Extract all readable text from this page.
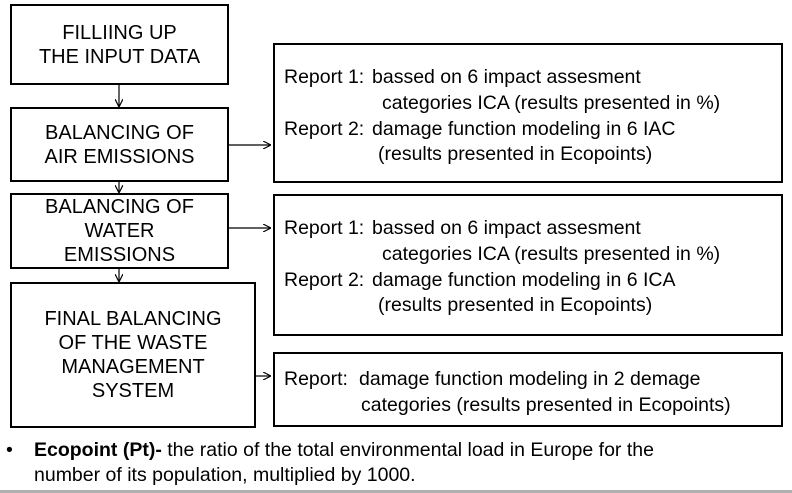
FILLIING UP
THE INPUT DATA
BALANCING OF
AIR EMISSIONS
BALANCING OF
WATER
EMISSIONS
FINAL BALANCING
OF THE WASTE
MANAGEMENT
SYSTEM
Report 1: bassed on 6 impact assesment
categories ICA (results presented in %)
Report 2: damage function modeling in 6 IAC
(results presented in Ecopoints)
Report 1: bassed on 6 impact assesment
categories ICA (results presented in %)
Report 2: damage function modeling in 6 ICA
(results presented in Ecopoints)
Report: damage function modeling in 2 demage
categories (results presented in Ecopoints)
•	Ecopoint (Pt)- the ratio of the total environmental load in Europe for the
number of its population, multiplied by 1000.
